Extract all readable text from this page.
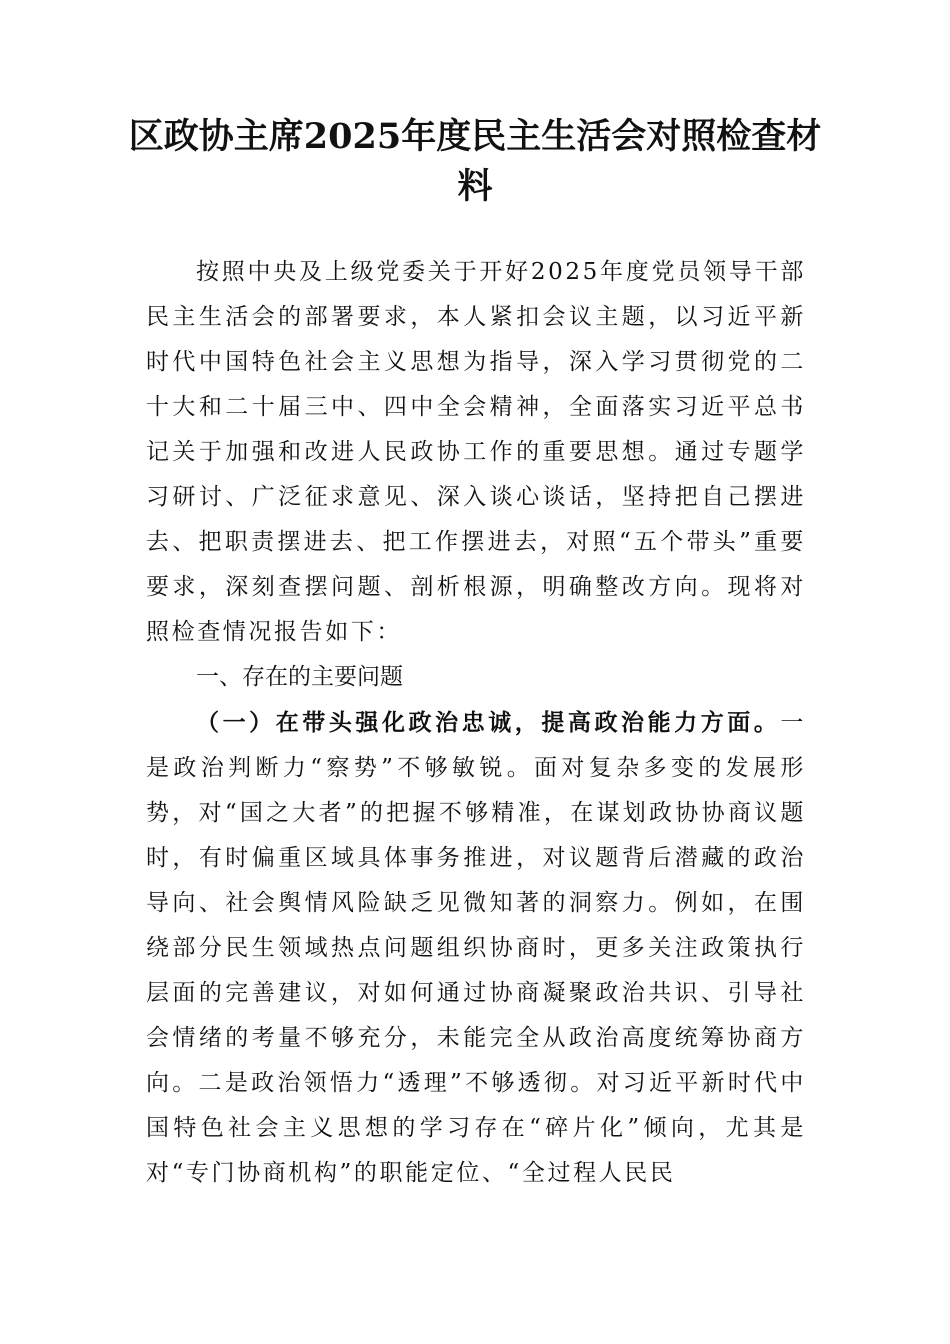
区政协主席2025年度民主生活会对照检查材料

按照中央及上级党委关于开好2025年度党员领导干部民主生活会的部署要求，本人紧扣会议主题，以习近平新时代中国特色社会主义思想为指导，深入学习贯彻党的二十大和二十届三中、四中全会精神，全面落实习近平总书记关于加强和改进人民政协工作的重要思想。通过专题学习研讨、广泛征求意见、深入谈心谈话，坚持把自己摆进去、把职责摆进去、把工作摆进去，对照“五个带头”重要要求，深刻查摆问题、剖析根源，明确整改方向。现将对照检查情况报告如下：

一、存在的主要问题

（一）在带头强化政治忠诚，提高政治能力方面。一是政治判断力“察势”不够敏锐。面对复杂多变的发展形势，对“国之大者”的把握不够精准，在谋划政协协商议题时，有时偏重区域具体事务推进，对议题背后潜藏的政治导向、社会舆情风险缺乏见微知著的洞察力。例如，在围绕部分民生领域热点问题组织协商时，更多关注政策执行层面的完善建议，对如何通过协商凝聚政治共识、引导社会情绪的考量不够充分，未能完全从政治高度统筹协商方向。二是政治领悟力“透理”不够透彻。对习近平新时代中国特色社会主义思想的学习存在“碎片化”倾向，尤其是对“专门协商机构”的职能定位、“全过程人民民
